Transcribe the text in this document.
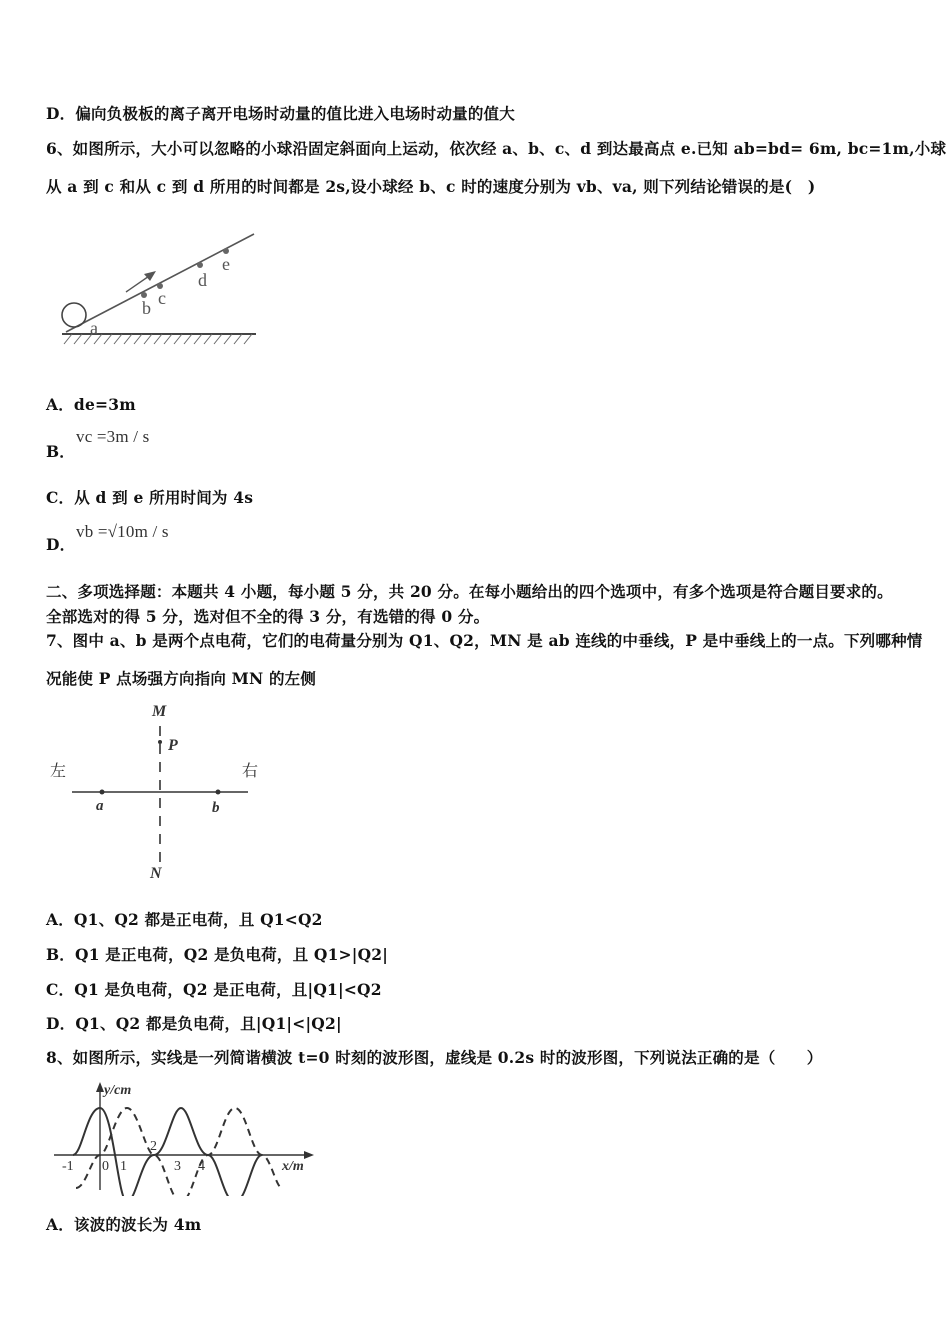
D．偏向负极板的离子离开电场时动量的值比进入电场时动量的值大
6、如图所示，大小可以忽略的小球沿固定斜面向上运动，依次经 a、b、c、d 到达最高点 e.已知 ab=bd= 6m, bc=1m,小球
从 a 到 c 和从 c 到 d 所用的时间都是 2s,设小球经 b、c 时的速度分别为 vb、va, 则下列结论错误的是(　)
a
b c
d
e
A．de=3m
B．
vc =3m / s
C．从 d 到 e 所用时间为 4s
D．
vb =√10m / s
二、多项选择题：本题共 4 小题，每小题 5 分，共 20 分。在每小题给出的四个选项中，有多个选项是符合题目要求的。
全部选对的得 5 分，选对但不全的得 3 分，有选错的得 0 分。
7、图中 a、b 是两个点电荷，它们的电荷量分别为 Q1、Q2，MN 是 ab 连线的中垂线，P 是中垂线上的一点。下列哪种情
况能使 P 点场强方向指向 MN 的左侧
M
P
N
左	右
a	b
A．Q1、Q2 都是正电荷，且 Q1<Q2
B．Q1 是正电荷，Q2 是负电荷，且 Q1>|Q2|
C．Q1 是负电荷，Q2 是正电荷，且|Q1|<Q2
D．Q1、Q2 都是负电荷，且|Q1|<|Q2|
8、如图所示，实线是一列简谐横波 t=0 时刻的波形图，虚线是 0.2s 时的波形图，下列说法正确的是（　　）
y/cm
x/m
-1 0 1
2
3 4
A．该波的波长为 4m
